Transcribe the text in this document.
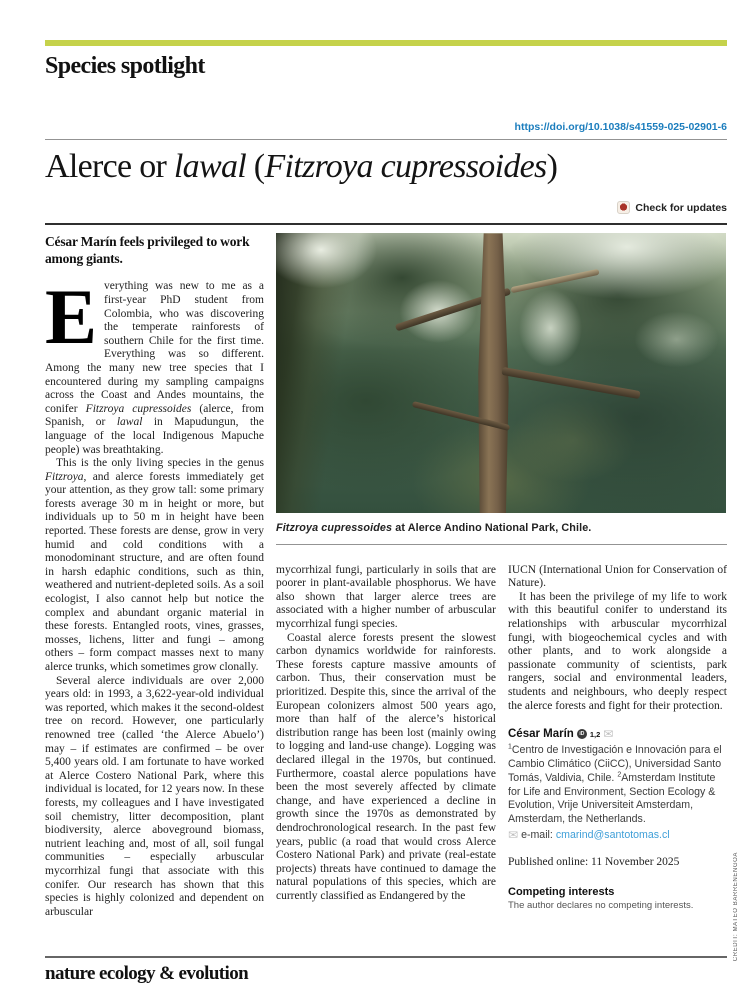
Species spotlight
https://doi.org/10.1038/s41559-025-02901-6
Alerce or lawal (Fitzroya cupressoides)
Check for updates

César Marín feels privileged to work among giants.

Everything was new to me as a first-year PhD student from Colombia, who was discovering the temperate rainforests of southern Chile for the first time. Everything was so different. Among the many new tree species that I encountered during my sampling campaigns across the Coast and Andes mountains, the conifer Fitzroya cupressoides (alerce, from Spanish, or lawal in Mapudungun, the language of the local Indigenous Mapuche people) was breathtaking.

This is the only living species in the genus Fitzroya, and alerce forests immediately get your attention, as they grow tall: some primary forests average 30 m in height or more, but individuals up to 50 m in height have been reported. These forests are dense, grow in very humid and cold conditions with a monodominant structure, and are often found in harsh edaphic conditions, such as thin, weathered and nutrient-depleted soils. As a soil ecologist, I also cannot help but notice the complex and abundant organic material in these forests. Entangled roots, vines, grasses, mosses, lichens, litter and fungi – among others – form compact masses next to many alerce trunks, which sometimes grow clonally.

Several alerce individuals are over 2,000 years old: in 1993, a 3,622-year-old individual was reported, which makes it the second-oldest tree on record. However, one particularly renowned tree (called ‘the Alerce Abuelo’) may – if estimates are confirmed – be over 5,400 years old. I am fortunate to have worked at Alerce Costero National Park, where this individual is located, for 12 years now. In these forests, my colleagues and I have investigated soil chemistry, litter decomposition, plant biodiversity, alerce aboveground biomass, nutrient leaching and, most of all, soil fungal communities – especially arbuscular mycorrhizal fungi that associate with this conifer. Our research has shown that this species is highly colonized and dependent on arbuscular

Fitzroya cupressoides at Alerce Andino National Park, Chile.

mycorrhizal fungi, particularly in soils that are poorer in plant-available phosphorus. We have also shown that larger alerce trees are associated with a higher number of arbuscular mycorrhizal fungi species.

Coastal alerce forests present the slowest carbon dynamics worldwide for rainforests. These forests capture massive amounts of carbon. Thus, their conservation must be prioritized. Despite this, since the arrival of the European colonizers almost 500 years ago, more than half of the alerce’s historical distribution range has been lost (mainly owing to logging and land-use change). Logging was declared illegal in the 1970s, but continued. Furthermore, coastal alerce populations have been the most severely affected by climate change, and have experienced a decline in growth since the 1970s as demonstrated by dendrochronological research. In the past few years, public (a road that would cross Alerce Costero National Park) and private (real-estate projects) threats have continued to damage the natural populations of this species, which are currently classified as Endangered by the

IUCN (International Union for Conservation of Nature).

It has been the privilege of my life to work with this beautiful conifer to understand its relationships with arbuscular mycorrhizal fungi, with biogeochemical cycles and with other plants, and to work alongside a passionate community of scientists, park rangers, social and environmental leaders, students and neighbours, who deeply respect the alerce forests and fight for their protection.

César Marín	iD 1,2 ✉

$^1$Centro de Investigación e Innovación para el Cambio Climático (CiiCC), Universidad Santo Tomás, Valdivia, Chile. $^2$Amsterdam Institute for Life and Environment, Section Ecology & Evolution, Vrije Universiteit Amsterdam, Amsterdam, the Netherlands.

✉ e-mail: cmarind@santotomas.cl

Published online: 11 November 2025

Competing interests

The author declares no competing interests.

nature ecology & evolution
CREDIT: MATEO BARRENENGOA
